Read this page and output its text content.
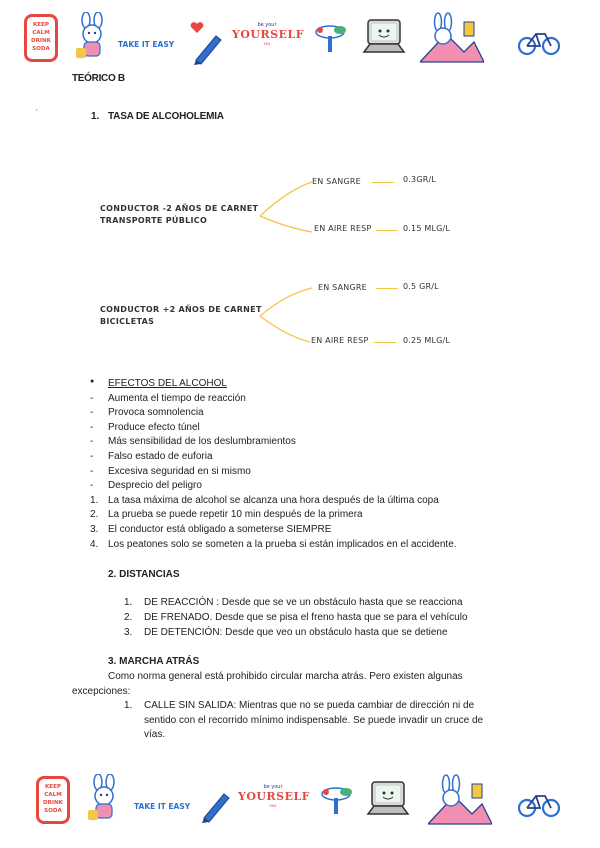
KEEP
CALM
DRINK
SODA	TAKE IT EASY
be your
YOURSELF
xxx
TEÓRICO B
'	1. TASA DE ALCOHOLEMIA
CONDUCTOR -2 AÑOS DE CARNET
TRANSPORTE PÚBLICO
EN SANGRE	0.3GR/L
EN AIRE RESP	0.15 MLG/L
CONDUCTOR +2 AÑOS DE CARNET
BICICLETAS
EN SANGRE	0.5 GR/L
EN AIRE RESP	0.25 MLG/L
●	EFECTOS DEL ALCOHOL
-	Aumenta el tiempo de reacción
-	Provoca somnolencia
-	Produce efecto túnel
-	Más sensibilidad de los deslumbramientos
-	Falso estado de euforia
-	Excesiva seguridad en si mismo
-	Desprecio del peligro
1. La tasa máxima de alcohol se alcanza una hora después de la última copa
2. La prueba se puede repetir 10 min después de la primera
3. El conductor está obligado a someterse SIEMPRE
4. Los peatones solo se someten a la prueba si están implicados en el accidente.
2. DISTANCIAS
1.	DE REACCIÓN : Desde que se ve un obstáculo hasta que se reacciona
2.	DE FRENADO. Desde que se pisa el freno hasta que se para el vehículo
3.	DE DETENCIÓN: Desde que veo un obstáculo hasta que se detiene
3. MARCHA ATRÁS
Como norma general está prohibido circular marcha atrás. Pero existen algunas
excepciones:
1. CALLE SIN SALIDA: Mientras que no se pueda cambiar de dirección ni de
sentido con el recorrido mínimo indispensable. Se puede invadir un cruce de
vías.
KEEP
CALM
DRINK
SODA	TAKE IT EASY
be your
YOURSELF
xxx
